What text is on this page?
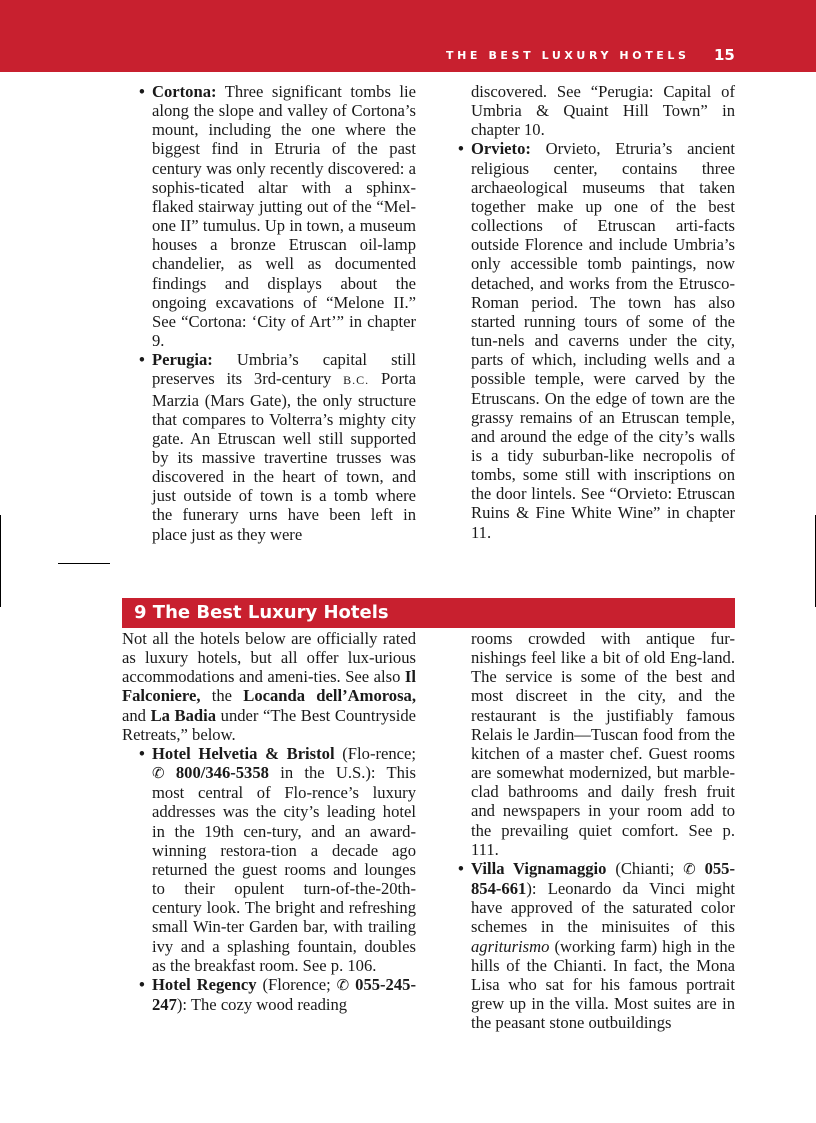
THE BEST LUXURY HOTELS 15

• Cortona: Three significant tombs lie along the slope and valley of Cortona’s mount, including the one where the biggest find in Etruria of the past century was only recently discovered: a sophis-ticated altar with a sphinx-flaked stairway jutting out of the “Mel-one II” tumulus. Up in town, a museum houses a bronze Etruscan oil-lamp chandelier, as well as documented findings and displays about the ongoing excavations of “Melone II.” See “Cortona: ‘City of Art’” in chapter 9.

• Perugia: Umbria’s capital still preserves its 3rd-century B.C. Porta Marzia (Mars Gate), the only structure that compares to Volterra’s mighty city gate. An Etruscan well still supported by its massive travertine trusses was discovered in the heart of town, and just outside of town is a tomb where the funerary urns have been left in place just as they were

discovered. See “Perugia: Capital of Umbria & Quaint Hill Town” in chapter 10.

• Orvieto: Orvieto, Etruria’s ancient religious center, contains three archaeological museums that taken together make up one of the best collections of Etruscan arti-facts outside Florence and include Umbria’s only accessible tomb paintings, now detached, and works from the Etrusco-Roman period. The town has also started running tours of some of the tun-nels and caverns under the city, parts of which, including wells and a possible temple, were carved by the Etruscans. On the edge of town are the grassy remains of an Etruscan temple, and around the edge of the city’s walls is a tidy suburban-like necropolis of tombs, some still with inscriptions on the door lintels. See “Orvieto: Etruscan Ruins & Fine White Wine” in chapter 11.

9 The Best Luxury Hotels

Not all the hotels below are officially rated as luxury hotels, but all offer lux-urious accommodations and ameni-ties. See also Il Falconiere, the Locanda dell’Amorosa, and La Badia under “The Best Countryside Retreats,” below.

• Hotel Helvetia & Bristol (Flo-rence; ✆ 800/346-5358 in the U.S.): This most central of Flo-rence’s luxury addresses was the city’s leading hotel in the 19th cen-tury, and an award-winning restora-tion a decade ago returned the guest rooms and lounges to their opulent turn-of-the-20th-century look. The bright and refreshing small Win-ter Garden bar, with trailing ivy and a splashing fountain, doubles as the breakfast room. See p. 106.

• Hotel Regency (Florence; ✆ 055-245-247): The cozy wood reading

rooms crowded with antique fur-nishings feel like a bit of old Eng-land. The service is some of the best and most discreet in the city, and the restaurant is the justifiably famous Relais le Jardin—Tuscan food from the kitchen of a master chef. Guest rooms are somewhat modernized, but marble-clad bathrooms and daily fresh fruit and newspapers in your room add to the prevailing quiet comfort. See p. 111.

• Villa Vignamaggio (Chianti; ✆ 055-854-661): Leonardo da Vinci might have approved of the saturated color schemes in the minisuites of this agriturismo (working farm) high in the hills of the Chianti. In fact, the Mona Lisa who sat for his famous portrait grew up in the villa. Most suites are in the peasant stone outbuildings
